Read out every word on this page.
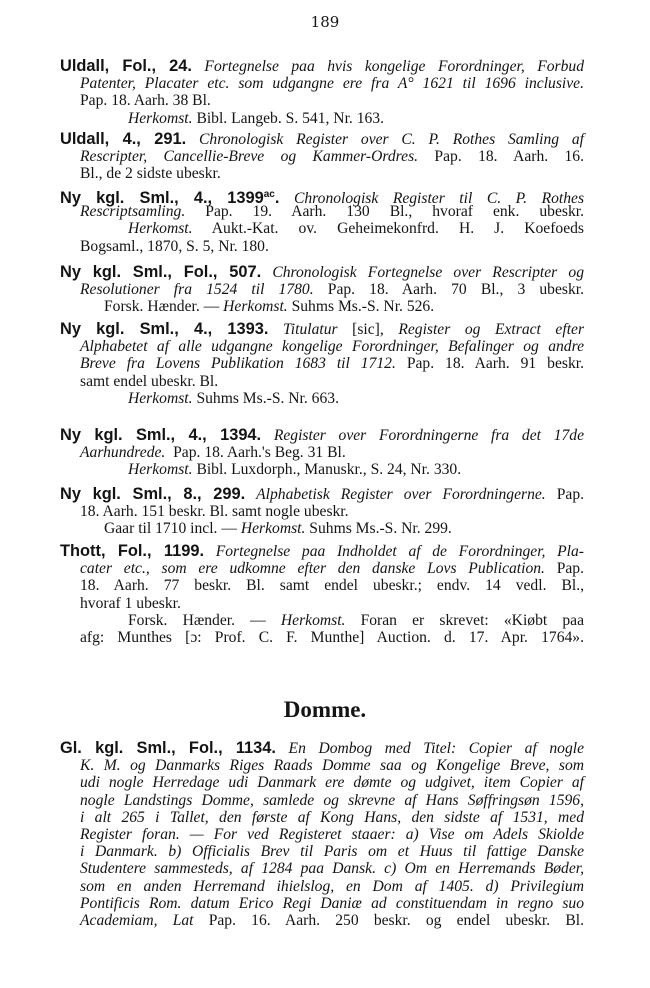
189
Uldall, Fol., 24. Fortegnelse paa hvis kongelige Forordninger, Forbud
Patenter, Placater etc. som udgangne ere fra A° 1621 til 1696 inclusive.
Pap. 18. Aarh. 38 Bl.
Herkomst. Bibl. Langeb. S. 541, Nr. 163.
Uldall, 4., 291. Chronologisk Register over C. P. Rothes Samling af
Rescripter, Cancellie-Breve og Kammer-Ordres. Pap. 18. Aarh. 16.
Bl., de 2 sidste ubeskr.
Ny kgl. Sml., 4., $1399^{ac}$. Chronologisk Register til C. P. Rothes
Rescriptsamling. Pap. 19. Aarh. 130 Bl., hvoraf enk. ubeskr.
Herkomst. Aukt.-Kat. ov. Geheimekonfrd. H. J. Koefoeds
Bogsaml., 1870, S. 5, Nr. 180.
Ny kgl. Sml., Fol., 507. Chronologisk Fortegnelse over Rescripter og
Resolutioner fra 1524 til 1780. Pap. 18. Aarh. 70 Bl., 3 ubeskr.
Forsk. Hænder. — Herkomst. Suhms Ms.-S. Nr. 526.
Ny kgl. Sml., 4., 1393. Titulatur [sic], Register og Extract efter
Alphabetet af alle udgangne kongelige Forordninger, Befalinger og andre
Breve fra Lovens Publikation 1683 til 1712. Pap. 18. Aarh. 91 beskr.
samt endel ubeskr. Bl.
Herkomst. Suhms Ms.-S. Nr. 663.
Ny kgl. Sml., 4., 1394. Register over Forordningerne fra det 17de
Aarhundrede. Pap. 18. Aarh.'s Beg. 31 Bl.
Herkomst. Bibl. Luxdorph., Manuskr., S. 24, Nr. 330.
Ny kgl. Sml., 8., 299. Alphabetisk Register over Forordningerne. Pap.
18. Aarh. 151 beskr. Bl. samt nogle ubeskr.
Gaar til 1710 incl. — Herkomst. Suhms Ms.-S. Nr. 299.
Thott, Fol., 1199. Fortegnelse paa Indholdet af de Forordninger, Pla-
cater etc., som ere udkomne efter den danske Lovs Publication. Pap.
18. Aarh. 77 beskr. Bl. samt endel ubeskr.; endv. 14 vedl. Bl.,
hvoraf 1 ubeskr.
Forsk. Hænder. — Herkomst. Foran er skrevet: «Kiøbt paa
afg: Munthes [ɔ: Prof. C. F. Munthe] Auction. d. 17. Apr. 1764».
Domme.
Gl. kgl. Sml., Fol., 1134. En Dombog med Titel: Copier af nogle
K. M. og Danmarks Riges Raads Domme saa og Kongelige Breve, som
udi nogle Herredage udi Danmark ere dømte og udgivet, item Copier af
nogle Landstings Domme, samlede og skrevne af Hans Søffringsøn 1596,
i alt 265 i Tallet, den første af Kong Hans, den sidste af 1531, med
Register foran. — For ved Registeret staaer: a) Vise om Adels Skiolde
i Danmark. b) Officialis Brev til Paris om et Huus til fattige Danske
Studentere sammesteds, af 1284 paa Dansk. c) Om en Herremands Bøder,
som en anden Herremand ihielslog, en Dom af 1405. d) Privilegium
Pontificis Rom. datum Erico Regi Daniæ ad constituendam in regno suo
Academiam, Lat Pap. 16. Aarh. 250 beskr. og endel ubeskr. Bl.
